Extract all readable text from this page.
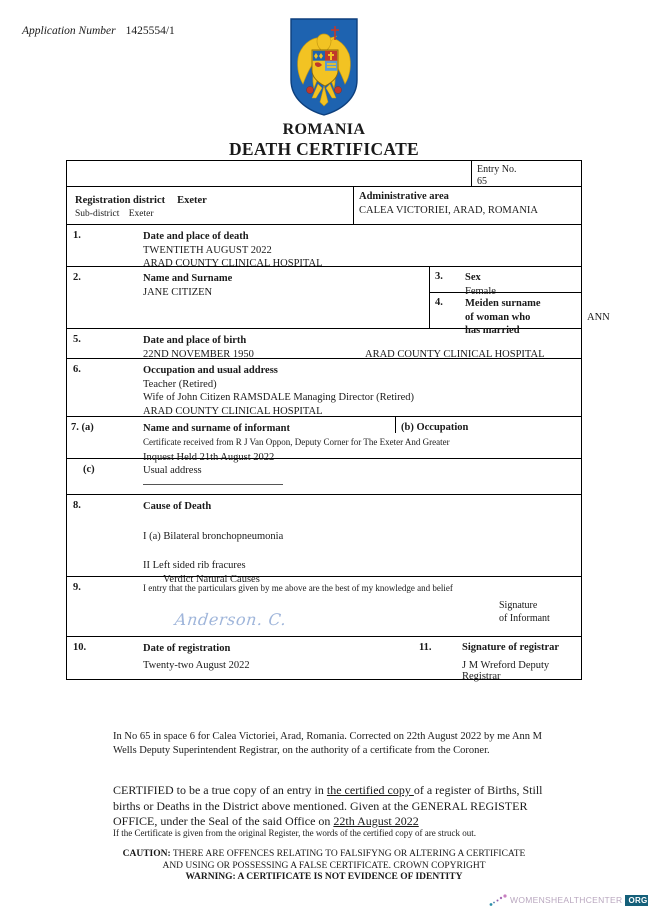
Application Number 1425554/1
ROMANIA
DEATH CERTIFICATE
Entry No.
65
Registration district Exeter
Sub-district Exeter
Administrative area
CALEA VICTORIEI, ARAD, ROMANIA
1.	Date and place of death
TWENTIETH AUGUST 2022
ARAD COUNTY CLINICAL HOSPITAL
2.	Name and Surname
JANE CITIZEN
3. Sex
Female
4. Meiden surname
of woman who	ANN
has married
5.	Date and place of birth
22ND NOVEMBER 1950	ARAD COUNTY CLINICAL HOSPITAL
6.	Occupation and usual address
Teacher (Retired)
Wife of John Citizen RAMSDALE Managing Director (Retired)
ARAD COUNTY CLINICAL HOSPITAL
7. (a)	(b) Occupation
Name and surname of informant
Certificate received from R J Van Oppon, Deputy Corner for The Exeter And Greater
Inquest Held 21th August 2022
(c)	Usual address
8.	Cause of Death
I (a) Bilateral bronchopneumonia
II Left sided rib fracures
Verdict Natural Causes
9.	I entry that the particulars given by me above are the best of my knowledge and belief
Anderson. C.
Signature
of Informant
10.	Date of registration
Twenty-two August 2022
11.	Signature of registrar
J M Wreford Deputy Registrar
In No 65 in space 6 for Calea Victoriei, Arad, Romania. Corrected on 22th August 2022 by me Ann M
Wells Deputy Superintendent Registrar, on the authority of a certificate from the Coroner.
CERTIFIED to be a true copy of an entry in the certified copy of a register of Births, Still births or Deaths in the District above mentioned. Given at the GENERAL REGISTER OFFICE, under the Seal of the said Office on 22th August 2022
If the Certificate is given from the original Register, the words of the certified copy of are struck out.
CAUTION: THERE ARE OFFENCES RELATING TO FALSIFYNG OR ALTERING A CERTIFICATE
AND USING OR POSSESSING A FALSE CERTIFICATE. CROWN COPYRIGHT
WARNING: A CERTIFICATE IS NOT EVIDENCE OF IDENTITY
WOMENSHEALTHCENTER ORG
